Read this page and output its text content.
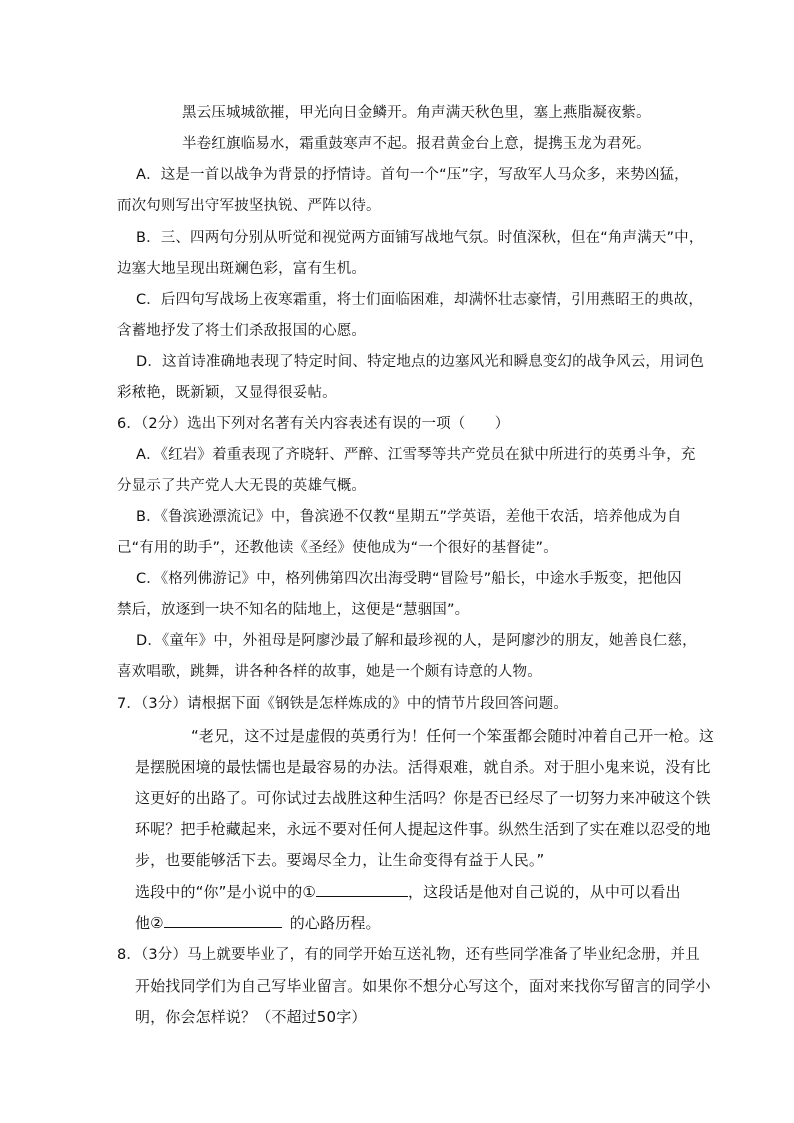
黑云压城城欲摧，甲光向日金鳞开。角声满天秋色里，塞上燕脂凝夜紫。
半卷红旗临易水，霜重鼓寒声不起。报君黄金台上意，提携玉龙为君死。
A．这是一首以战争为背景的抒情诗。首句一个“压”字，写敌军人马众多，来势凶猛，
而次句则写出守军披坚执锐、严阵以待。
B．三、四两句分别从听觉和视觉两方面铺写战地气氛。时值深秋，但在“角声满天”中，
边塞大地呈现出斑斓色彩，富有生机。
C．后四句写战场上夜寒霜重，将士们面临困难，却满怀壮志豪情，引用燕昭王的典故，
含蓄地抒发了将士们杀敌报国的心愿。
D．这首诗准确地表现了特定时间、特定地点的边塞风光和瞬息变幻的战争风云，用词色
彩秾艳，既新颖，又显得很妥帖。
6．（2分）选出下列对名著有关内容表述有误的一项（　　）
A．《红岩》着重表现了齐晓轩、严醉、江雪琴等共产党员在狱中所进行的英勇斗争，充
分显示了共产党人大无畏的英雄气概。
B．《鲁滨逊漂流记》中，鲁滨逊不仅教“星期五”学英语，差他干农活，培养他成为自
己“有用的助手”，还教他读《圣经》使他成为“一个很好的基督徒”。
C．《格列佛游记》中，格列佛第四次出海受聘“冒险号”船长，中途水手叛变，把他囚
禁后，放逐到一块不知名的陆地上，这便是“慧骃国”。
D．《童年》中，外祖母是阿廖沙最了解和最珍视的人，是阿廖沙的朋友，她善良仁慈，
喜欢唱歌，跳舞，讲各种各样的故事，她是一个颇有诗意的人物。
7．（3分）请根据下面《钢铁是怎样炼成的》中的情节片段回答问题。
“老兄，这不过是虚假的英勇行为！任何一个笨蛋都会随时冲着自己开一枪。这
是摆脱困境的最怯懦也是最容易的办法。活得艰难，就自杀。对于胆小鬼来说，没有比
这更好的出路了。可你试过去战胜这种生活吗？你是否已经尽了一切努力来冲破这个铁
环呢？把手枪藏起来，永远不要对任何人提起这件事。纵然生活到了实在难以忍受的地
步，也要能够活下去。要竭尽全力，让生命变得有益于人民。”
选段中的“你”是小说中的①	，这段话是他对自己说的，从中可以看出
他②	的心路历程。
8．（3分）马上就要毕业了，有的同学开始互送礼物，还有些同学准备了毕业纪念册，并且
开始找同学们为自己写毕业留言。如果你不想分心写这个，面对来找你写留言的同学小
明，你会怎样说？（不超过50字）
